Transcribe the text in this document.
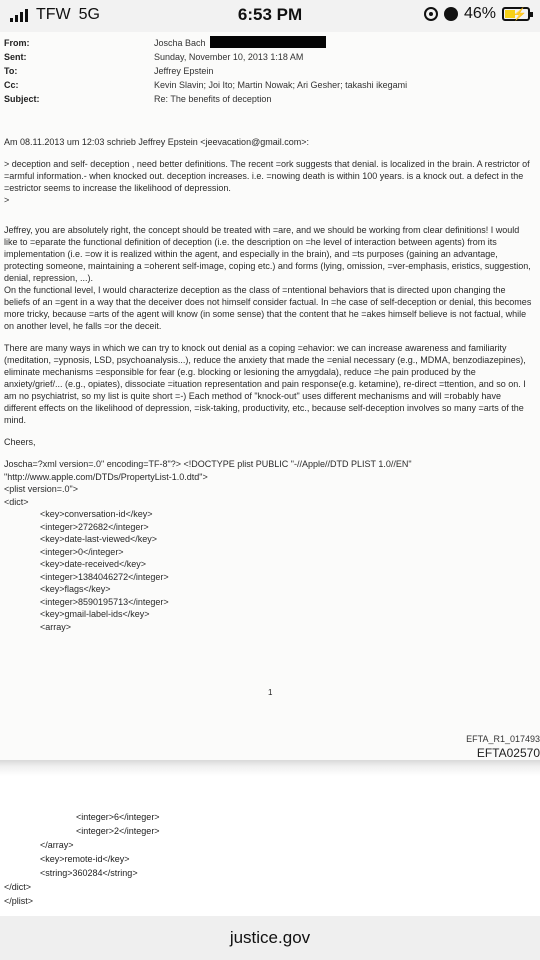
TFW 5G	6:53 PM	46% ⚡
From:	Joscha Bach
Sent:	Sunday, November 10, 2013 1:18 AM
To:	Jeffrey Epstein
Cc:	Kevin Slavin; Joi Ito; Martin Nowak; Ari Gesher; takashi ikegami
Subject:	Re: The benefits of deception

Am 08.11.2013 um 12:03 schrieb Jeffrey Epstein <jeevacation@gmail.com>:

> deception and self- deception , need better definitions. The recent =ork suggests that denial. is localized in the brain. A restrictor of =armful information.- when knocked out. deception increases. i.e. =nowing death is within 100 years. is a knock out. a defect in the =estrictor seems to increase the likelihood of depression.

>

Jeffrey, you are absolutely right, the concept should be treated with =are, and we should be working from clear definitions! I would like to =eparate the functional definition of deception (i.e. the description on =he level of interaction between agents) from its implementation (i.e. =ow it is realized within the agent, and especially in the brain), and =ts purposes (gaining an advantage, protecting someone, maintaining a =oherent self-image, coping etc.) and forms (lying, omission, =ver-emphasis, eristics, suggestion, denial, repression, ...).

On the functional level, I would characterize deception as the class of =ntentional behaviors that is directed upon changing the beliefs of an =gent in a way that the deceiver does not himself consider factual. In =he case of self-deception or denial, this becomes more tricky, because =arts of the agent will know (in some sense) that the content that he =akes himself believe is not factual, while on another level, he falls =or the deceit.

There are many ways in which we can try to knock out denial as a coping =ehavior: we can increase awareness and familiarity (meditation, =ypnosis, LSD, psychoanalysis...), reduce the anxiety that made the =enial necessary (e.g., MDMA, benzodiazepines), eliminate mechanisms =esponsible for fear (e.g. blocking or lesioning the amygdala), reduce =he pain produced by the anxiety/grief/... (e.g., opiates), dissociate =ituation representation and pain response(e.g. ketamine), re-direct =ttention, and so on. I am no psychiatrist, so my list is quite short =-) Each method of "knock-out" uses different mechanisms and will =robably have different effects on the likelihood of depression, =isk-taking, productivity, etc., because self-deception involves so many =arts of the mind.

Cheers,

Joscha=?xml version=.0" encoding=TF-8"?> <!DOCTYPE plist PUBLIC "-//Apple//DTD PLIST 1.0//EN"
"http://www.apple.com/DTDs/PropertyList-1.0.dtd">
<plist version=.0">
<dict>
<key>conversation-id</key>
<integer>272682</integer>
<key>date-last-viewed</key>
<integer>0</integer>
<key>date-received</key>
<integer>1384046272</integer>
<key>flags</key>
<integer>8590195713</integer>
<key>gmail-label-ids</key>
<array>
1
EFTA_R1_017493
EFTA02570
<integer>6</integer>
<integer>2</integer>
</array>
<key>remote-id</key>
<string>360284</string>
</dict>
</plist>
justice.gov
